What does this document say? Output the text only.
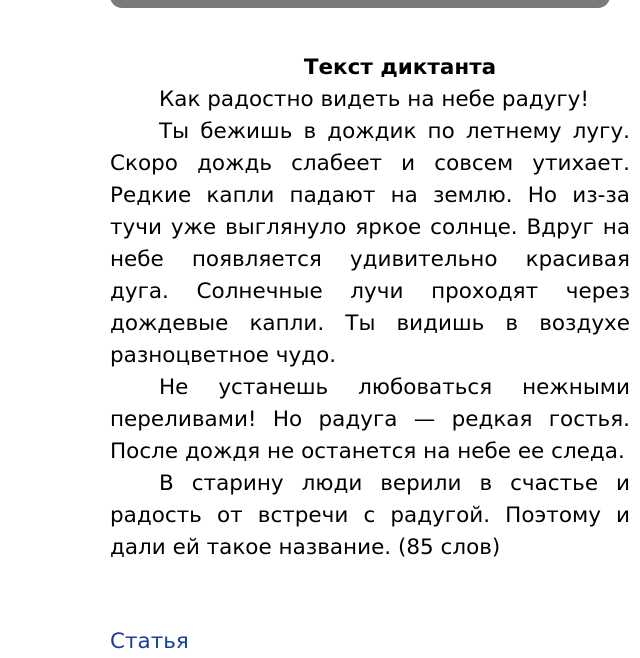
Текст диктанта

Как радостно видеть на небе радугу!

Ты бежишь в дождик по летнему лугу. Скоро дождь слабеет и совсем утихает. Редкие капли падают на землю. Но из-за тучи уже выглянуло яркое солнце. Вдруг на небе появляется удивительно красивая дуга. Солнечные лучи проходят через дождевые капли. Ты видишь в воздухе разноцветное чудо.

Не устанешь любоваться нежными переливами! Но радуга — редкая гостья. После дождя не останется на небе ее следа.

В старину люди верили в счастье и радость от встречи с радугой. Поэтому и дали ей такое название. (85 слов)

Статья
